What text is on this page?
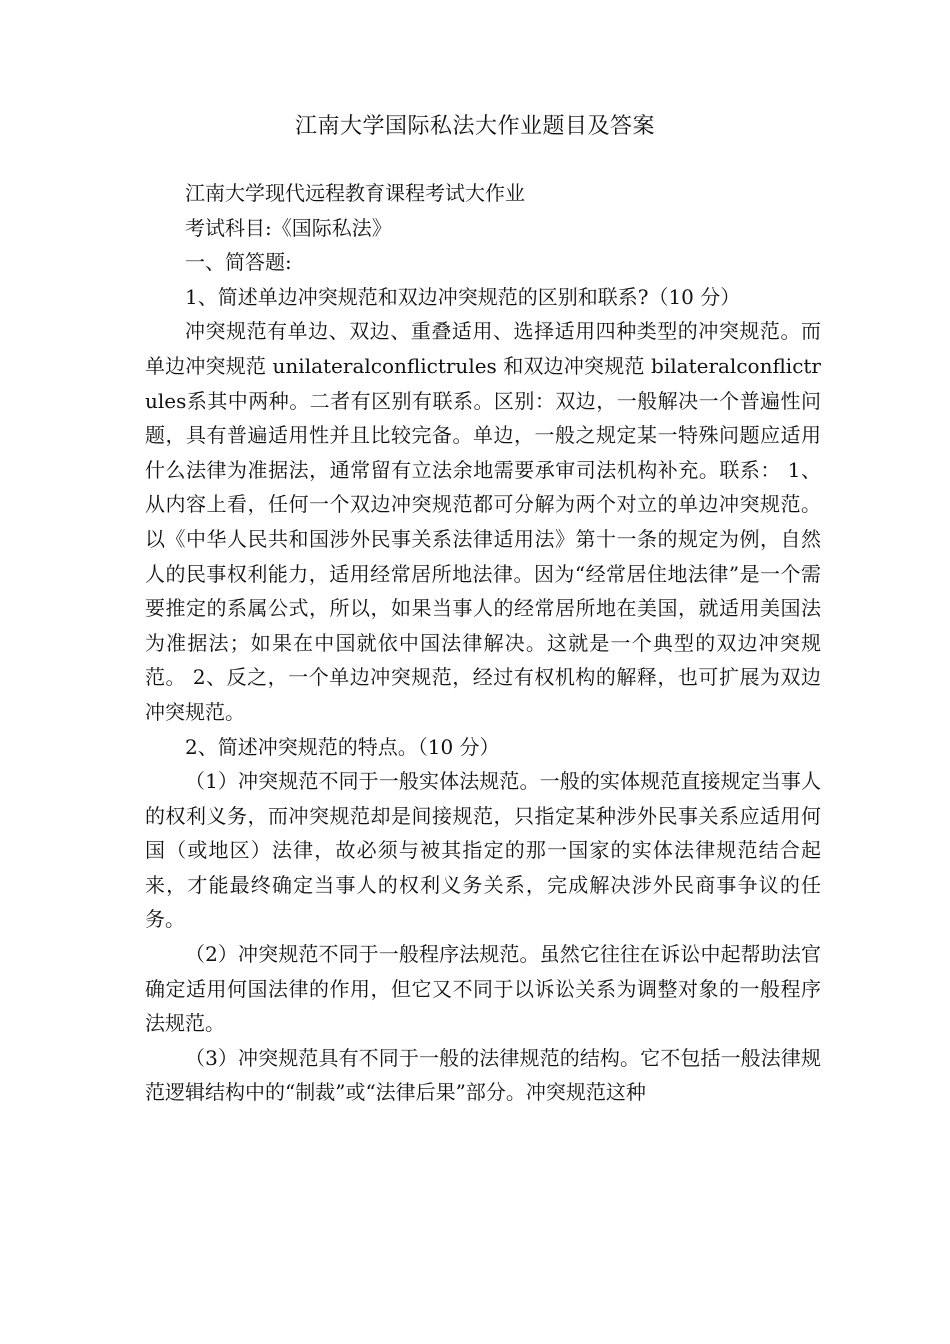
江南大学国际私法大作业题目及答案

江南大学现代远程教育课程考试大作业

考试科目:《国际私法》

一、简答题:

1、简述单边冲突规范和双边冲突规范的区别和联系?（10 分）

冲突规范有单边、双边、重叠适用、选择适用四种类型的冲突规范。而单边冲突规范 unilateralconflictrules 和双边冲突规范 bilateralconflictrules系其中两种。二者有区别有联系。区别：双边，一般解决一个普遍性问题，具有普遍适用性并且比较完备。单边，一般之规定某一特殊问题应适用什么法律为准据法，通常留有立法余地需要承审司法机构补充。联系： 1、从内容上看，任何一个双边冲突规范都可分解为两个对立的单边冲突规范。以《中华人民共和国涉外民事关系法律适用法》第十一条的规定为例，自然人的民事权利能力，适用经常居所地法律。因为“经常居住地法律”是一个需要推定的系属公式，所以，如果当事人的经常居所地在美国，就适用美国法为准据法；如果在中国就依中国法律解决。这就是一个典型的双边冲突规范。 2、反之，一个单边冲突规范，经过有权机构的解释，也可扩展为双边冲突规范。

2、简述冲突规范的特点。（10 分）

（1）冲突规范不同于一般实体法规范。一般的实体规范直接规定当事人的权利义务，而冲突规范却是间接规范，只指定某种涉外民事关系应适用何国（或地区）法律，故必须与被其指定的那一国家的实体法律规范结合起来，才能最终确定当事人的权利义务关系，完成解决涉外民商事争议的任务。

（2）冲突规范不同于一般程序法规范。虽然它往往在诉讼中起帮助法官确定适用何国法律的作用，但它又不同于以诉讼关系为调整对象的一般程序法规范。

（3）冲突规范具有不同于一般的法律规范的结构。它不包括一般法律规范逻辑结构中的“制裁”或“法律后果”部分。冲突规范这种
